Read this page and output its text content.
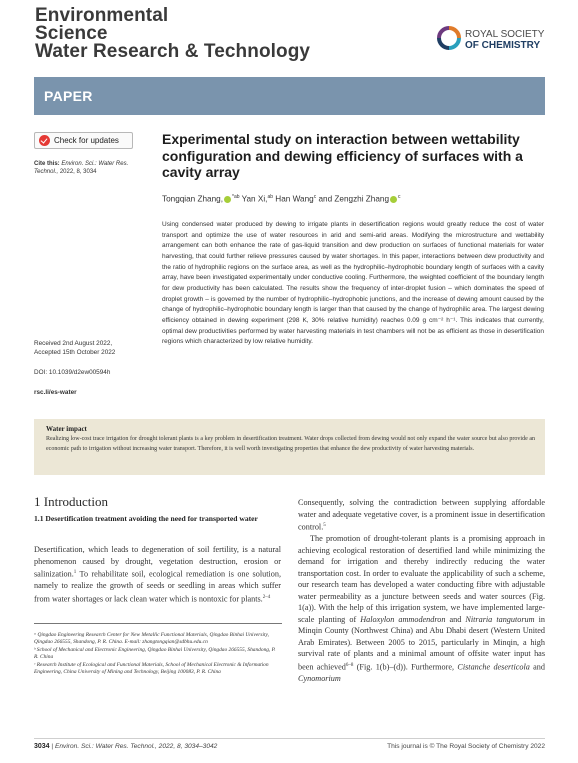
Environmental
Science
Water Research & Technology
ROYAL SOCIETY
OF CHEMISTRY
PAPER
Check for updates
Cite this: Environ. Sci.: Water Res. Technol., 2022, 8, 3034
Received 2nd August 2022,
Accepted 15th October 2022
DOI: 10.1039/d2ew00594h
rsc.li/es-water
Experimental study on interaction between wettability configuration and dewing efficiency of surfaces with a cavity array
Tongqian Zhang, $^{*ab}$ Yan Xi,$^{ab}$ Han Wang$^c$ and Zengzhi Zhang $^c$
Using condensed water produced by dewing to irrigate plants in desertification regions would greatly reduce the cost of water transport and optimize the use of water resources in arid and semi-arid areas. Modifying the microstructure and wettability arrangement can both enhance the rate of gas-liquid transition and dew production on surfaces of functional materials for water harvesting, that could further relieve pressures caused by water shortages. In this paper, interactions between dew productivity and the ratio of hydrophilic regions on the surface area, as well as the hydrophilic–hydrophobic boundary length of surfaces with a cavity array, have been investigated experimentally under conductive cooling. Furthermore, the weighted coefficient of the boundary length for dew productivity has been calculated. The results show the frequency of inter-droplet fusion – which dominates the speed of droplet growth – is governed by the number of hydrophilic–hydrophobic junctions, and the increase of dewing amount caused by the change of hydrophilic–hydrophobic boundary length is larger than that caused by the change of hydrophilic area. The largest dewing efficiency obtained in dewing experiment (298 K, 30% relative humidity) reaches 0.09 g cm⁻² h⁻¹. This indicates that currently, optimal dew productivities performed by water harvesting materials in test chambers will not be as efficient as those in desertification regions which characterized by low relative humidity.
Water impact
Realizing low-cost trace irrigation for drought tolerant plants is a key problem in desertification treatment. Water drops collected from dewing would not only expand the water source but also provide an economic path to irrigation without increasing water transport. Therefore, it is well worth investigating properties that enhance the dew productivity of water harvesting materials.
1 Introduction
1.1 Desertification treatment avoiding the need for transported water
Desertification, which leads to degeneration of soil fertility, is a natural phenomenon caused by drought, vegetation destruction, erosion or salinization.$^1$ To rehabilitate soil, ecological remediation is one solution, namely to realize the growth of seeds or seedling in areas which suffer from water shortages or lack clean water which is nontoxic for plants.$^{2-4}$
ᵃ Qingdao Engineering Research Center for New Metallic Functional Materials, Qingdao Binhai University, Qingdao 266555, Shandong, P. R. China. E-mail: zhangtongqian@sdbhu.edu.cn
ᵇ School of Mechanical and Electronic Engineering, Qingdao Binhai University, Qingdao 266555, Shandong, P. R. China
ᶜ Research Institute of Ecological and Functional Materials, School of Mechanical Electronic & Information Engineering, China University of Mining and Technology, Beijing 100083, P. R. China
Consequently, solving the contradiction between supplying affordable water and adequate vegetative cover, is a prominent issue in desertification control.$^5$
The promotion of drought-tolerant plants is a promising approach in achieving ecological restoration of desertified land while minimizing the demand for irrigation and thereby indirectly reducing the water transportation cost. In order to evaluate the applicability of such a scheme, our research team has developed a water conducting fibre with adjustable water permeability as a juncture between seeds and water sources (Fig. 1(a)). With the help of this irrigation system, we have implemented large-scale planting of Haloxylon ammodendron and Nitraria tangutorum in Minqin County (Northwest China) and Abu Dhabi desert (Western United Arab Emirates). Between 2005 to 2015, particularly in Minqin, a high survival rate of plants and a minimal amount of offsite water input has been achieved$^{6-8}$ (Fig. 1(b)–(d)). Furthermore, Cistanche deserticola and Cynomorium
3034 | Environ. Sci.: Water Res. Technol., 2022, 8, 3034–3042	This journal is © The Royal Society of Chemistry 2022
